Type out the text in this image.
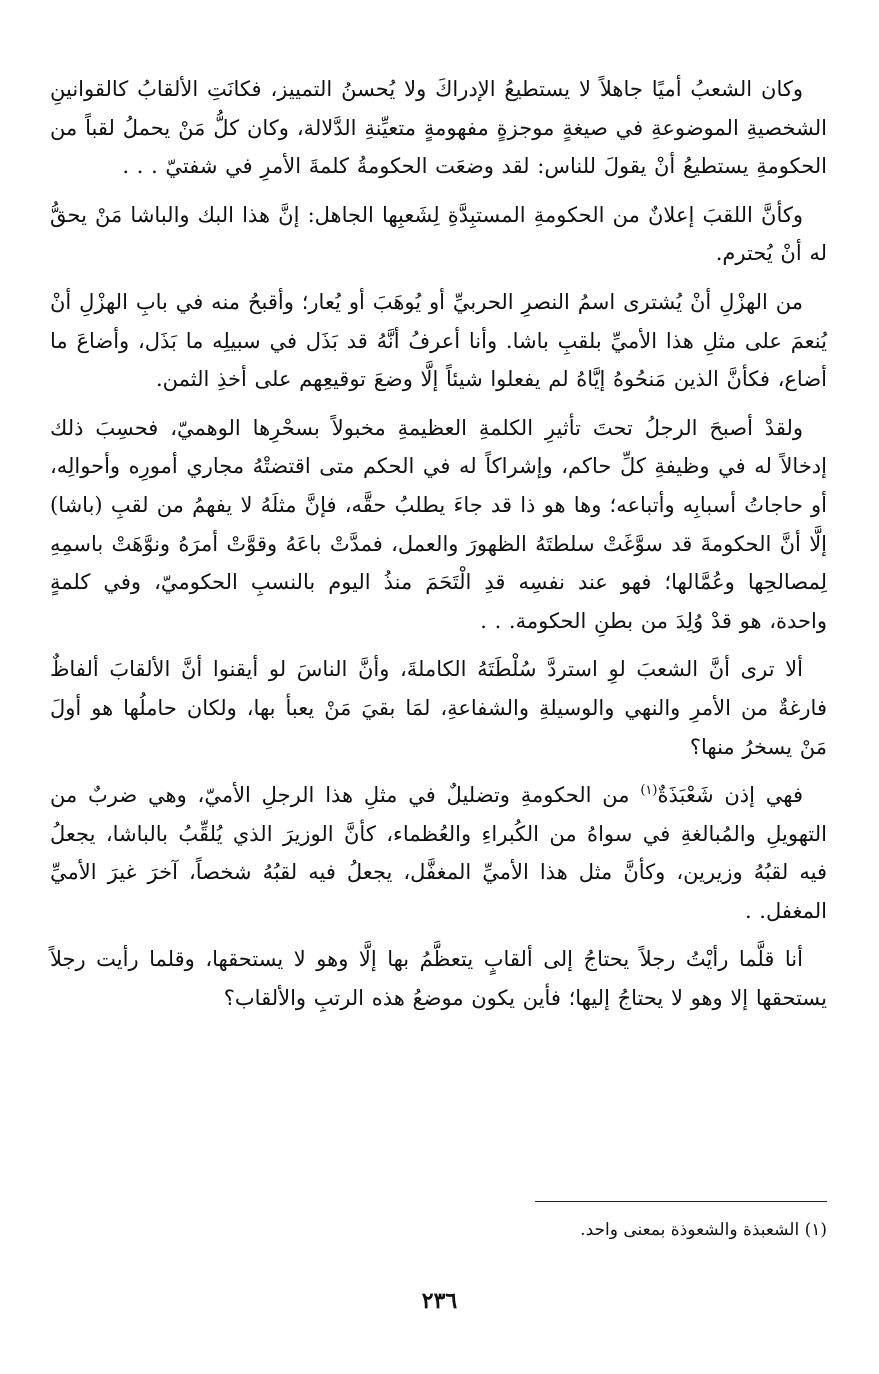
وكان الشعبُ أميًا جاهلاً لا يستطيعُ الإدراكَ ولا يُحسنُ التمييز، فكانَتِ الألقابُ كالقوانينِ الشخصيةِ الموضوعةِ في صيغةٍ موجزةٍ مفهومةٍ متعيِّنةِ الدَّلالة، وكان كلُّ مَنْ يحملُ لقباً من الحكومةِ يستطيعُ أنْ يقولَ للناس: لقد وضعَت الحكومةُ كلمةَ الأمرِ في شفتيّ . . .

وكأنَّ اللقبَ إعلانٌ من الحكومةِ المستبِدَّةِ لِشَعبِها الجاهل: إنَّ هذا البك والباشا مَنْ يحقُّ له أنْ يُحترم.

من الهزْلِ أنْ يُشترى اسمُ النصرِ الحربيِّ أو يُوهَبَ أو يُعار؛ وأقبحُ منه في بابِ الهزْلِ أنْ يُنعمَ على مثلِ هذا الأميِّ بلقبِ باشا. وأنا أعرفُ أنَّهُ قد بَذَل في سبيلِه ما بَذَل، وأضاعَ ما أضاع، فكأنَّ الذين مَنحُوهُ إيَّاهُ لم يفعلوا شيئاً إلَّا وضعَ توقيعِهم على أخذِ الثمن.

ولقدْ أصبحَ الرجلُ تحتَ تأثيرِ الكلمةِ العظيمةِ مخبولاً بسحْرِها الوهميّ، فحسِبَ ذلك إدخالاً له في وظيفةِ كلِّ حاكم، وإشراكاً له في الحكم متى اقتضتْهُ مجاري أمورِه وأحوالِه، أو حاجاتُ أسبابِه وأتباعه؛ وها هو ذا قد جاءَ يطلبُ حقَّه، فإنَّ مثلَهُ لا يفهمُ من لقبِ (باشا) إلَّا أنَّ الحكومةَ قد سوَّغَتْ سلطتَهُ الظهورَ والعمل، فمدَّتْ باعَهُ وقوَّتْ أمرَهُ ونوَّهَتْ باسمِهِ لِمصالحِها وعُمَّالها؛ فهو عند نفسِه قدِ الْتَحَمَ منذُ اليوم بالنسبِ الحكوميّ، وفي كلمةٍ واحدة، هو قدْ وُلِدَ من بطنِ الحكومة. . .

ألا ترى أنَّ الشعبَ لوِ استردَّ سُلْطَتَهُ الكاملةَ، وأنَّ الناسَ لو أيقنوا أنَّ الألقابَ ألفاظٌ فارغةٌ من الأمرِ والنهي والوسيلةِ والشفاعةِ، لمَا بقيَ مَنْ يعبأ بها، ولكان حاملُها هو أولَ مَنْ يسخرُ منها؟

فهي إذن شَعْبَذَةٌ$^{(١)}$ من الحكومةِ وتضليلٌ في مثلِ هذا الرجلِ الأميّ، وهي ضربٌ من التهويلِ والمُبالغةِ في سواهُ من الكُبراءِ والعُظماء، كأنَّ الوزيرَ الذي يُلقِّبُ بالباشا، يجعلُ فيه لقبُهُ وزيرين، وكأنَّ مثل هذا الأميِّ المغفَّل، يجعلُ فيه لقبُهُ شخصاً، آخرَ غيرَ الأميِّ المغفل. .

أنا قلَّما رأيْتُ رجلاً يحتاجُ إلى ألقابٍ يتعظَّمُ بها إلَّا وهو لا يستحقها، وقلما رأيت رجلاً يستحقها إلا وهو لا يحتاجُ إليها؛ فأين يكون موضعُ هذه الرتبِ والألقاب؟

(١) الشعبذة والشعوذة بمعنى واحد.
٢٣٦
